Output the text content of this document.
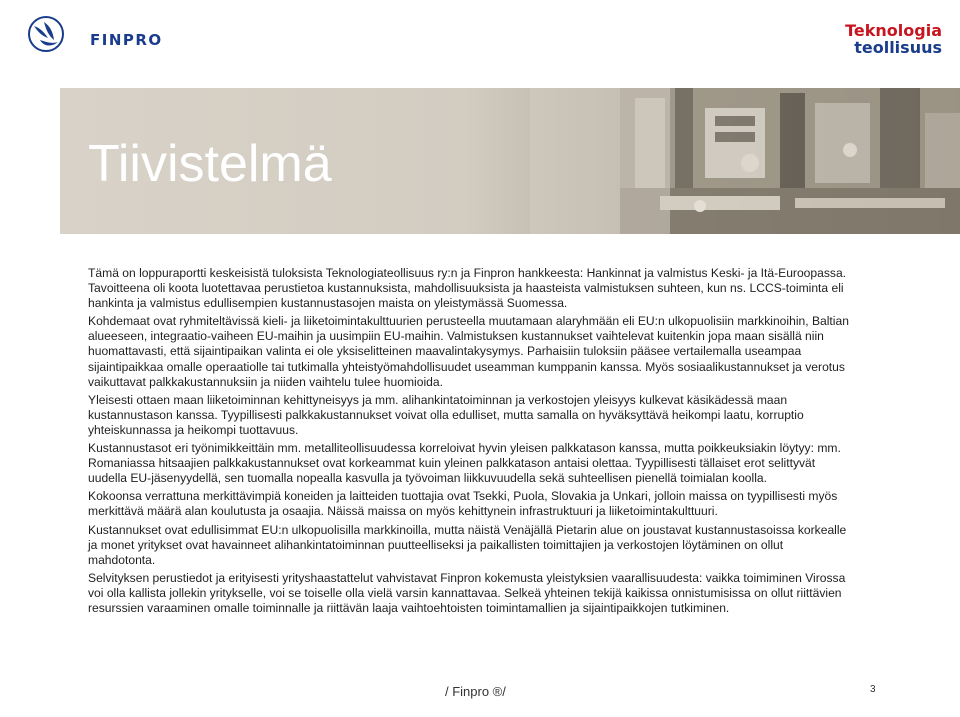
FINPRO	Teknologia
teollisuus
Tiivistelmä

Tämä on loppuraportti keskeisistä tuloksista Teknologiateollisuus ry:n ja Finpron hankkeesta: Hankinnat ja valmistus Keski- ja Itä-Euroopassa. Tavoitteena oli koota luotettavaa perustietoa kustannuksista, mahdollisuuksista ja haasteista valmistuksen suhteen, kun ns. LCCS-toiminta eli hankinta ja valmistus edullisempien kustannustasojen maista on yleistymässä Suomessa.

Kohdemaat ovat ryhmiteltävissä kieli- ja liiketoimintakulttuurien perusteella muutamaan alaryhmään eli EU:n ulkopuolisiin markkinoihin, Baltian alueeseen, integraatio-vaiheen EU-maihin ja uusimpiin EU-maihin. Valmistuksen kustannukset vaihtelevat kuitenkin jopa maan sisällä niin huomattavasti, että sijaintipaikan valinta ei ole yksiselitteinen maavalintakysymys. Parhaisiin tuloksiin pääsee vertailemalla useampaa sijaintipaikkaa omalle operaatiolle tai tutkimalla yhteistyömahdollisuudet useamman kumppanin kanssa. Myös sosiaalikustannukset ja verotus vaikuttavat palkkakustannuksiin ja niiden vaihtelu tulee huomioida.

Yleisesti ottaen maan liiketoiminnan kehittyneisyys ja mm. alihankintatoiminnan ja verkostojen yleisyys kulkevat käsikädessä maan kustannustason kanssa. Tyypillisesti palkkakustannukset voivat olla edulliset, mutta samalla on hyväksyttävä heikompi laatu, korruptio yhteiskunnassa ja heikompi tuottavuus.

Kustannustasot eri työnimikkeittäin mm. metalliteollisuudessa korreloivat hyvin yleisen palkkatason kanssa, mutta poikkeuksiakin löytyy: mm. Romaniassa hitsaajien palkkakustannukset ovat korkeammat kuin yleinen palkkatason antaisi olettaa. Tyypillisesti tällaiset erot selittyvät uudella EU-jäsenyydellä, sen tuomalla nopealla kasvulla ja työvoiman liikkuvuudella sekä suhteellisen pienellä toimialan koolla.

Kokoonsa verrattuna merkittävimpiä koneiden ja laitteiden tuottajia ovat Tsekki, Puola, Slovakia ja Unkari, jolloin maissa on tyypillisesti myös merkittävä määrä alan koulutusta ja osaajia. Näissä maissa on myös kehittynein infrastruktuuri ja liiketoimintakulttuuri.

Kustannukset ovat edullisimmat EU:n ulkopuolisilla markkinoilla, mutta näistä Venäjällä Pietarin alue on joustavat kustannustasoissa korkealle ja monet yritykset ovat havainneet alihankintatoiminnan puutteelliseksi ja paikallisten toimittajien ja verkostojen löytäminen on ollut mahdotonta.

Selvityksen perustiedot ja erityisesti yrityshaastattelut vahvistavat Finpron kokemusta yleistyksien vaarallisuudesta: vaikka toimiminen Virossa voi olla kallista jollekin yritykselle, voi se toiselle olla vielä varsin kannattavaa. Selkeä yhteinen tekijä kaikissa onnistumisissa on ollut riittävien resurssien varaaminen omalle toiminnalle ja riittävän laaja vaihtoehtoisten toimintamallien ja sijaintipaikkojen tutkiminen.

/ Finpro ®/	3
